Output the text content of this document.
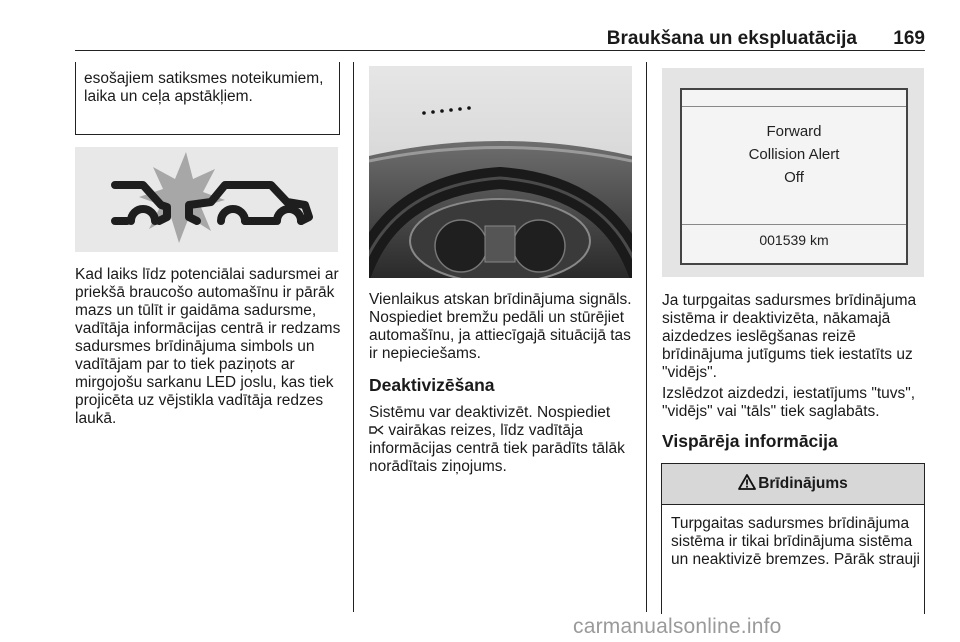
Braukšana un ekspluatācija 169

esošajiem satiksmes noteikumiem, laika un ceļa apstākļiem.

Kad laiks līdz potenciālai sadursmei ar priekšā braucošo automašīnu ir pārāk mazs un tūlīt ir gaidāma sadursme, vadītāja informācijas centrā ir redzams sadursmes brīdinājuma simbols un vadītājam par to tiek paziņots ar mirgojošu sarkanu LED joslu, kas tiek projicēta uz vējstikla vadītāja redzes laukā.

Vienlaikus atskan brīdinājuma signāls. Nospiediet bremžu pedāli un stūrējiet automašīnu, ja attiecīgajā situācijā tas ir nepieciešams.

Deaktivizēšana

Sistēmu var deaktivizēt. Nospiediet
vairākas reizes, līdz vadītāja informācijas centrā tiek parādīts tālāk norādītais ziņojums.

Forward
Collision Alert
Off
001539 km

Ja turpgaitas sadursmes brīdinājuma sistēma ir deaktivizēta, nākamajā aizdedzes ieslēgšanas reizē brīdinājuma jutīgums tiek iestatīts uz "vidējs".

Izslēdzot aizdedzi, iestatījums "tuvs", "vidējs" vai "tāls" tiek saglabāts.

Vispārēja informācija
Brīdinājums

Turpgaitas sadursmes brīdinājuma sistēma ir tikai brīdinājuma sistēma un neaktivizē bremzes. Pārāk strauji

carmanualsonline.info
